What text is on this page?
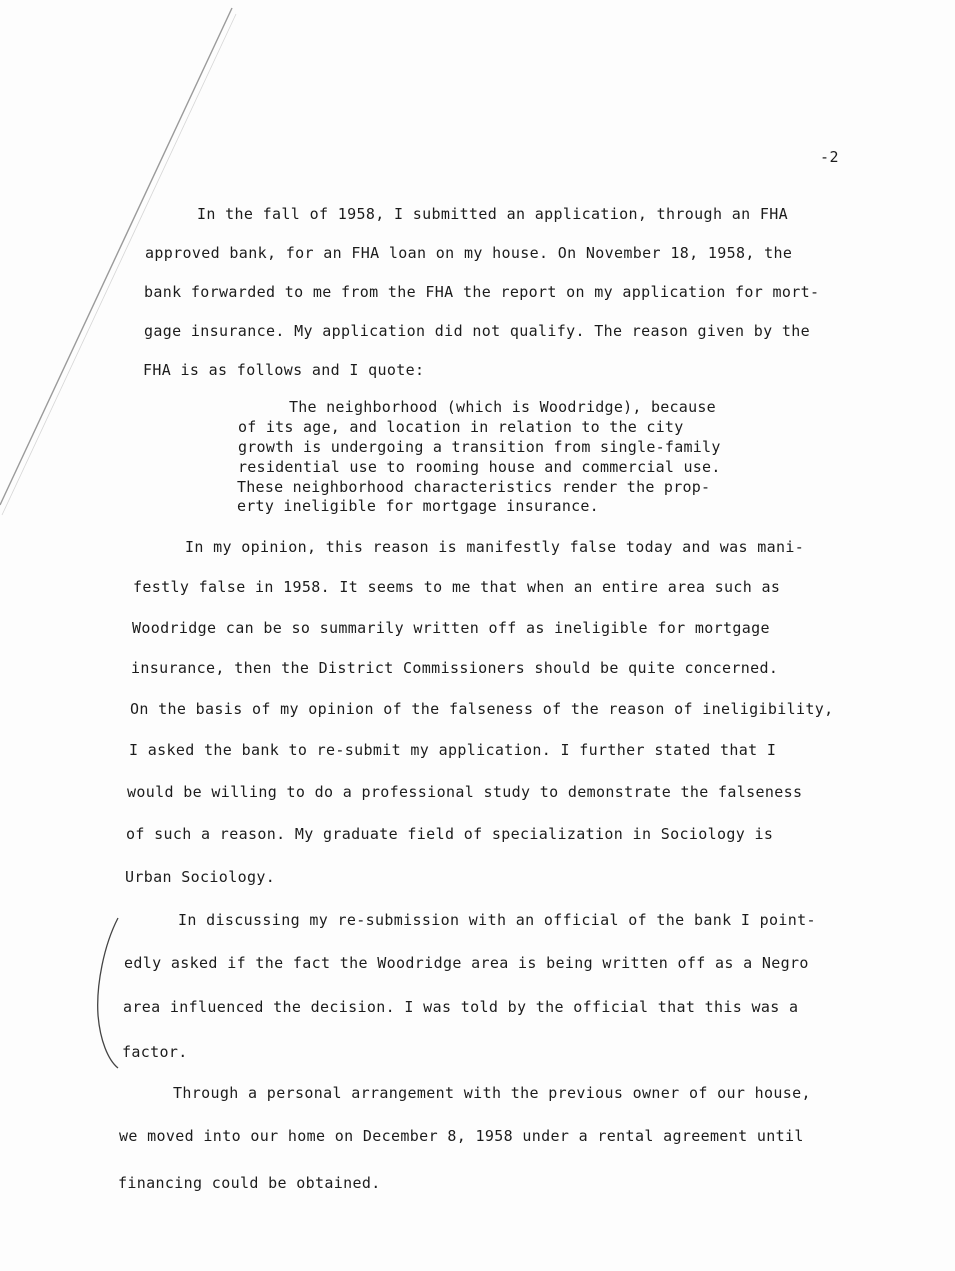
-2
In the fall of 1958, I submitted an application, through an FHA
approved bank, for an FHA loan on my house. On November 18, 1958, the
bank forwarded to me from the FHA the report on my application for mort-
gage insurance. My application did not qualify. The reason given by the
FHA is as follows and I quote:
The neighborhood (which is Woodridge), because
of its age, and location in relation to the city
growth is undergoing a transition from single-family
residential use to rooming house and commercial use.
These neighborhood characteristics render the prop-
erty ineligible for mortgage insurance.
In my opinion, this reason is manifestly false today and was mani-
festly false in 1958. It seems to me that when an entire area such as
Woodridge can be so summarily written off as ineligible for mortgage
insurance, then the District Commissioners should be quite concerned.
On the basis of my opinion of the falseness of the reason of ineligibility,
I asked the bank to re-submit my application. I further stated that I
would be willing to do a professional study to demonstrate the falseness
of such a reason. My graduate field of specialization in Sociology is
Urban Sociology.
In discussing my re-submission with an official of the bank I point-
edly asked if the fact the Woodridge area is being written off as a Negro
area influenced the decision. I was told by the official that this was a
factor.
Through a personal arrangement with the previous owner of our house,
we moved into our home on December 8, 1958 under a rental agreement until
financing could be obtained.
